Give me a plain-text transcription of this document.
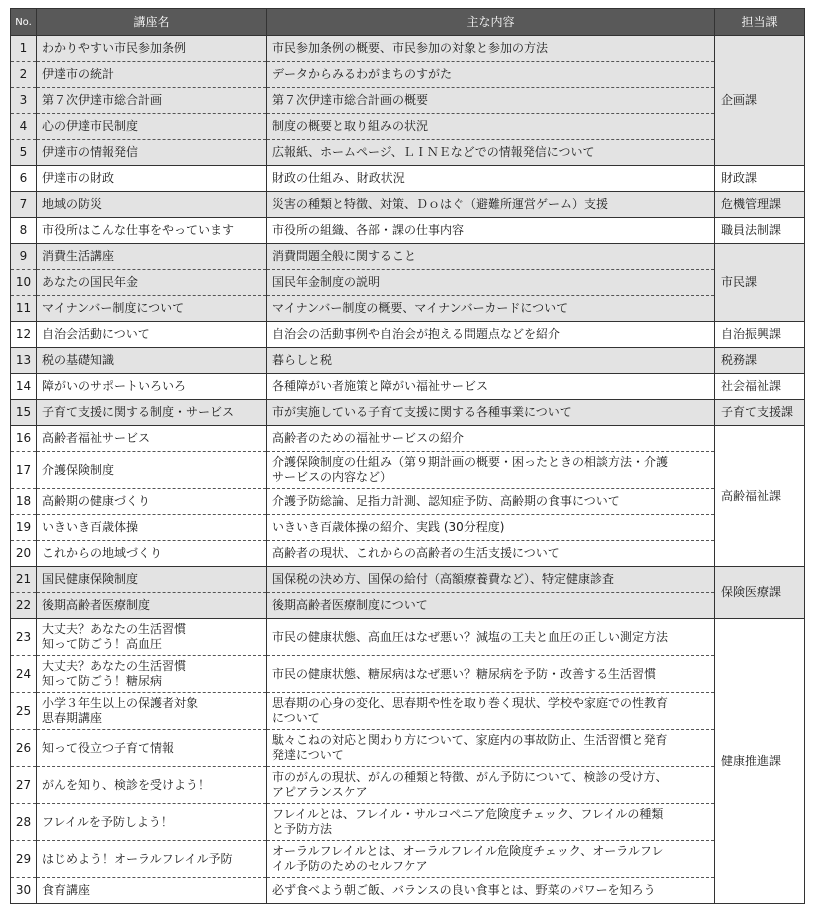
No.	講座名	主な内容	担当課
1	わかりやすい市民参加条例	市民参加条例の概要、市民参加の対象と参加の方法	企画課
2	伊達市の統計	データからみるわがまちのすがた	

3	第７次伊達市総合計画	第７次伊達市総合計画の概要	

4	心の伊達市民制度	制度の概要と取り組みの状況	

5	伊達市の情報発信	広報紙、ホームページ、ＬＩＮＥなどでの情報発信について	

6	伊達市の財政	財政の仕組み、財政状況	財政課
7	地域の防災	災害の種類と特徴、対策、Ｄｏはぐ（避難所運営ゲーム）支援	危機管理課
8	市役所はこんな仕事をやっています	市役所の組織、各部・課の仕事内容	職員法制課
9	消費生活講座	消費問題全般に関すること	市民課
10	あなたの国民年金	国民年金制度の説明	

11	マイナンバー制度について	マイナンバー制度の概要、マイナンバーカードについて	

12	自治会活動について	自治会の活動事例や自治会が抱える問題点などを紹介	自治振興課
13	税の基礎知識	暮らしと税	税務課
14	障がいのサポートいろいろ	各種障がい者施策と障がい福祉サービス	社会福祉課
15	子育て支援に関する制度・サービス	市が実施している子育て支援に関する各種事業について	子育て支援課
16	高齢者福祉サービス	高齢者のための福祉サービスの紹介	高齢福祉課
17	介護保険制度	介護保険制度の仕組み（第９期計画の概要・困ったときの相談方法・介護
サービスの内容など）	

18	高齢期の健康づくり	介護予防総論、足指力計測、認知症予防、高齢期の食事について	

19	いきいき百歳体操	いきいき百歳体操の紹介、実践 (30分程度)	

20	これからの地域づくり	高齢者の現状、これからの高齢者の生活支援について	

21	国民健康保険制度	国保税の決め方、国保の給付（高額療養費など）、特定健康診査	保険医療課
22	後期高齢者医療制度	後期高齢者医療制度について	

23	大丈夫？あなたの生活習慣
知って防ごう！高血圧	市民の健康状態、高血圧はなぜ悪い？減塩の工夫と血圧の正しい測定方法	健康推進課
24	大丈夫？あなたの生活習慣
知って防ごう！糖尿病	市民の健康状態、糖尿病はなぜ悪い？糖尿病を予防・改善する生活習慣	

25	小学３年生以上の保護者対象
思春期講座	思春期の心身の変化、思春期や性を取り巻く現状、学校や家庭での性教育
について	

26	知って役立つ子育て情報	駄々こねの対応と関わり方について、家庭内の事故防止、生活習慣と発育
発達について	

27	がんを知り、検診を受けよう！	市のがんの現状、がんの種類と特徴、がん予防について、検診の受け方、
アピアランスケア	

28	フレイルを予防しよう！	フレイルとは、フレイル・サルコペニア危険度チェック、フレイルの種類
と予防方法	

29	はじめよう！オーラルフレイル予防	オーラルフレイルとは、オーラルフレイル危険度チェック、オーラルフレ
イル予防のためのセルフケア	

30	食育講座	必ず食べよう朝ご飯、バランスの良い食事とは、野菜のパワーを知ろう	
